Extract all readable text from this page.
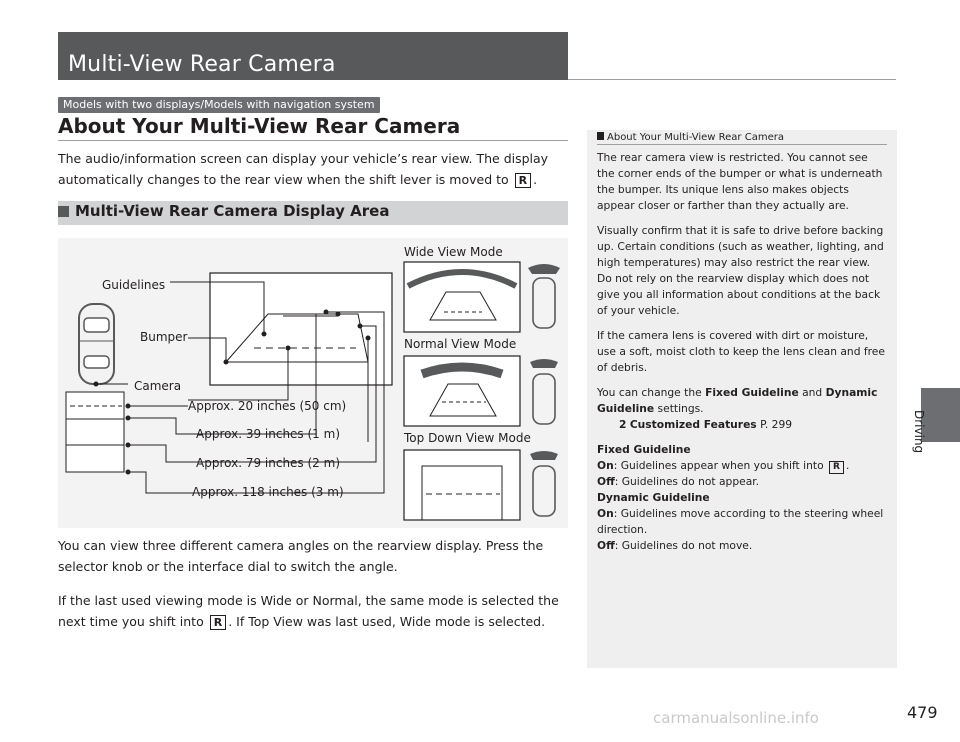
Multi-View Rear Camera
Models with two displays/Models with navigation system
About Your Multi-View Rear Camera
The audio/information screen can display your vehicle’s rear view. The display automatically changes to the rear view when the shift lever is moved to R .
Multi-View Rear Camera Display Area
Guidelines
Bumper
Camera
Approx. 20 inches (50 cm)
Approx. 39 inches (1 m)
Approx. 79 inches (2 m)
Approx. 118 inches (3 m)
Wide View Mode
Normal View Mode
Top Down View Mode
You can view three different camera angles on the rearview display. Press the selector knob or the interface dial to switch the angle.
If the last used viewing mode is Wide or Normal, the same mode is selected the next time you shift into R . If Top View was last used, Wide mode is selected.
About Your Multi-View Rear Camera

The rear camera view is restricted. You cannot see the corner ends of the bumper or what is underneath the bumper. Its unique lens also makes objects appear closer or farther than they actually are.

Visually confirm that it is safe to drive before backing up. Certain conditions (such as weather, lighting, and high temperatures) may also restrict the rear view. Do not rely on the rearview display which does not give you all information about conditions at the back of your vehicle.

If the camera lens is covered with dirt or moisture, use a soft, moist cloth to keep the lens clean and free of debris.

You can change the Fixed Guideline and Dynamic Guideline settings.

2 Customized Features P. 299

Fixed Guideline

On: Guidelines appear when you shift into R .

Off: Guidelines do not appear.

Dynamic Guideline

On: Guidelines move according to the steering wheel direction.

Off: Guidelines do not move.

Driving
479
carmanualsonline.info
